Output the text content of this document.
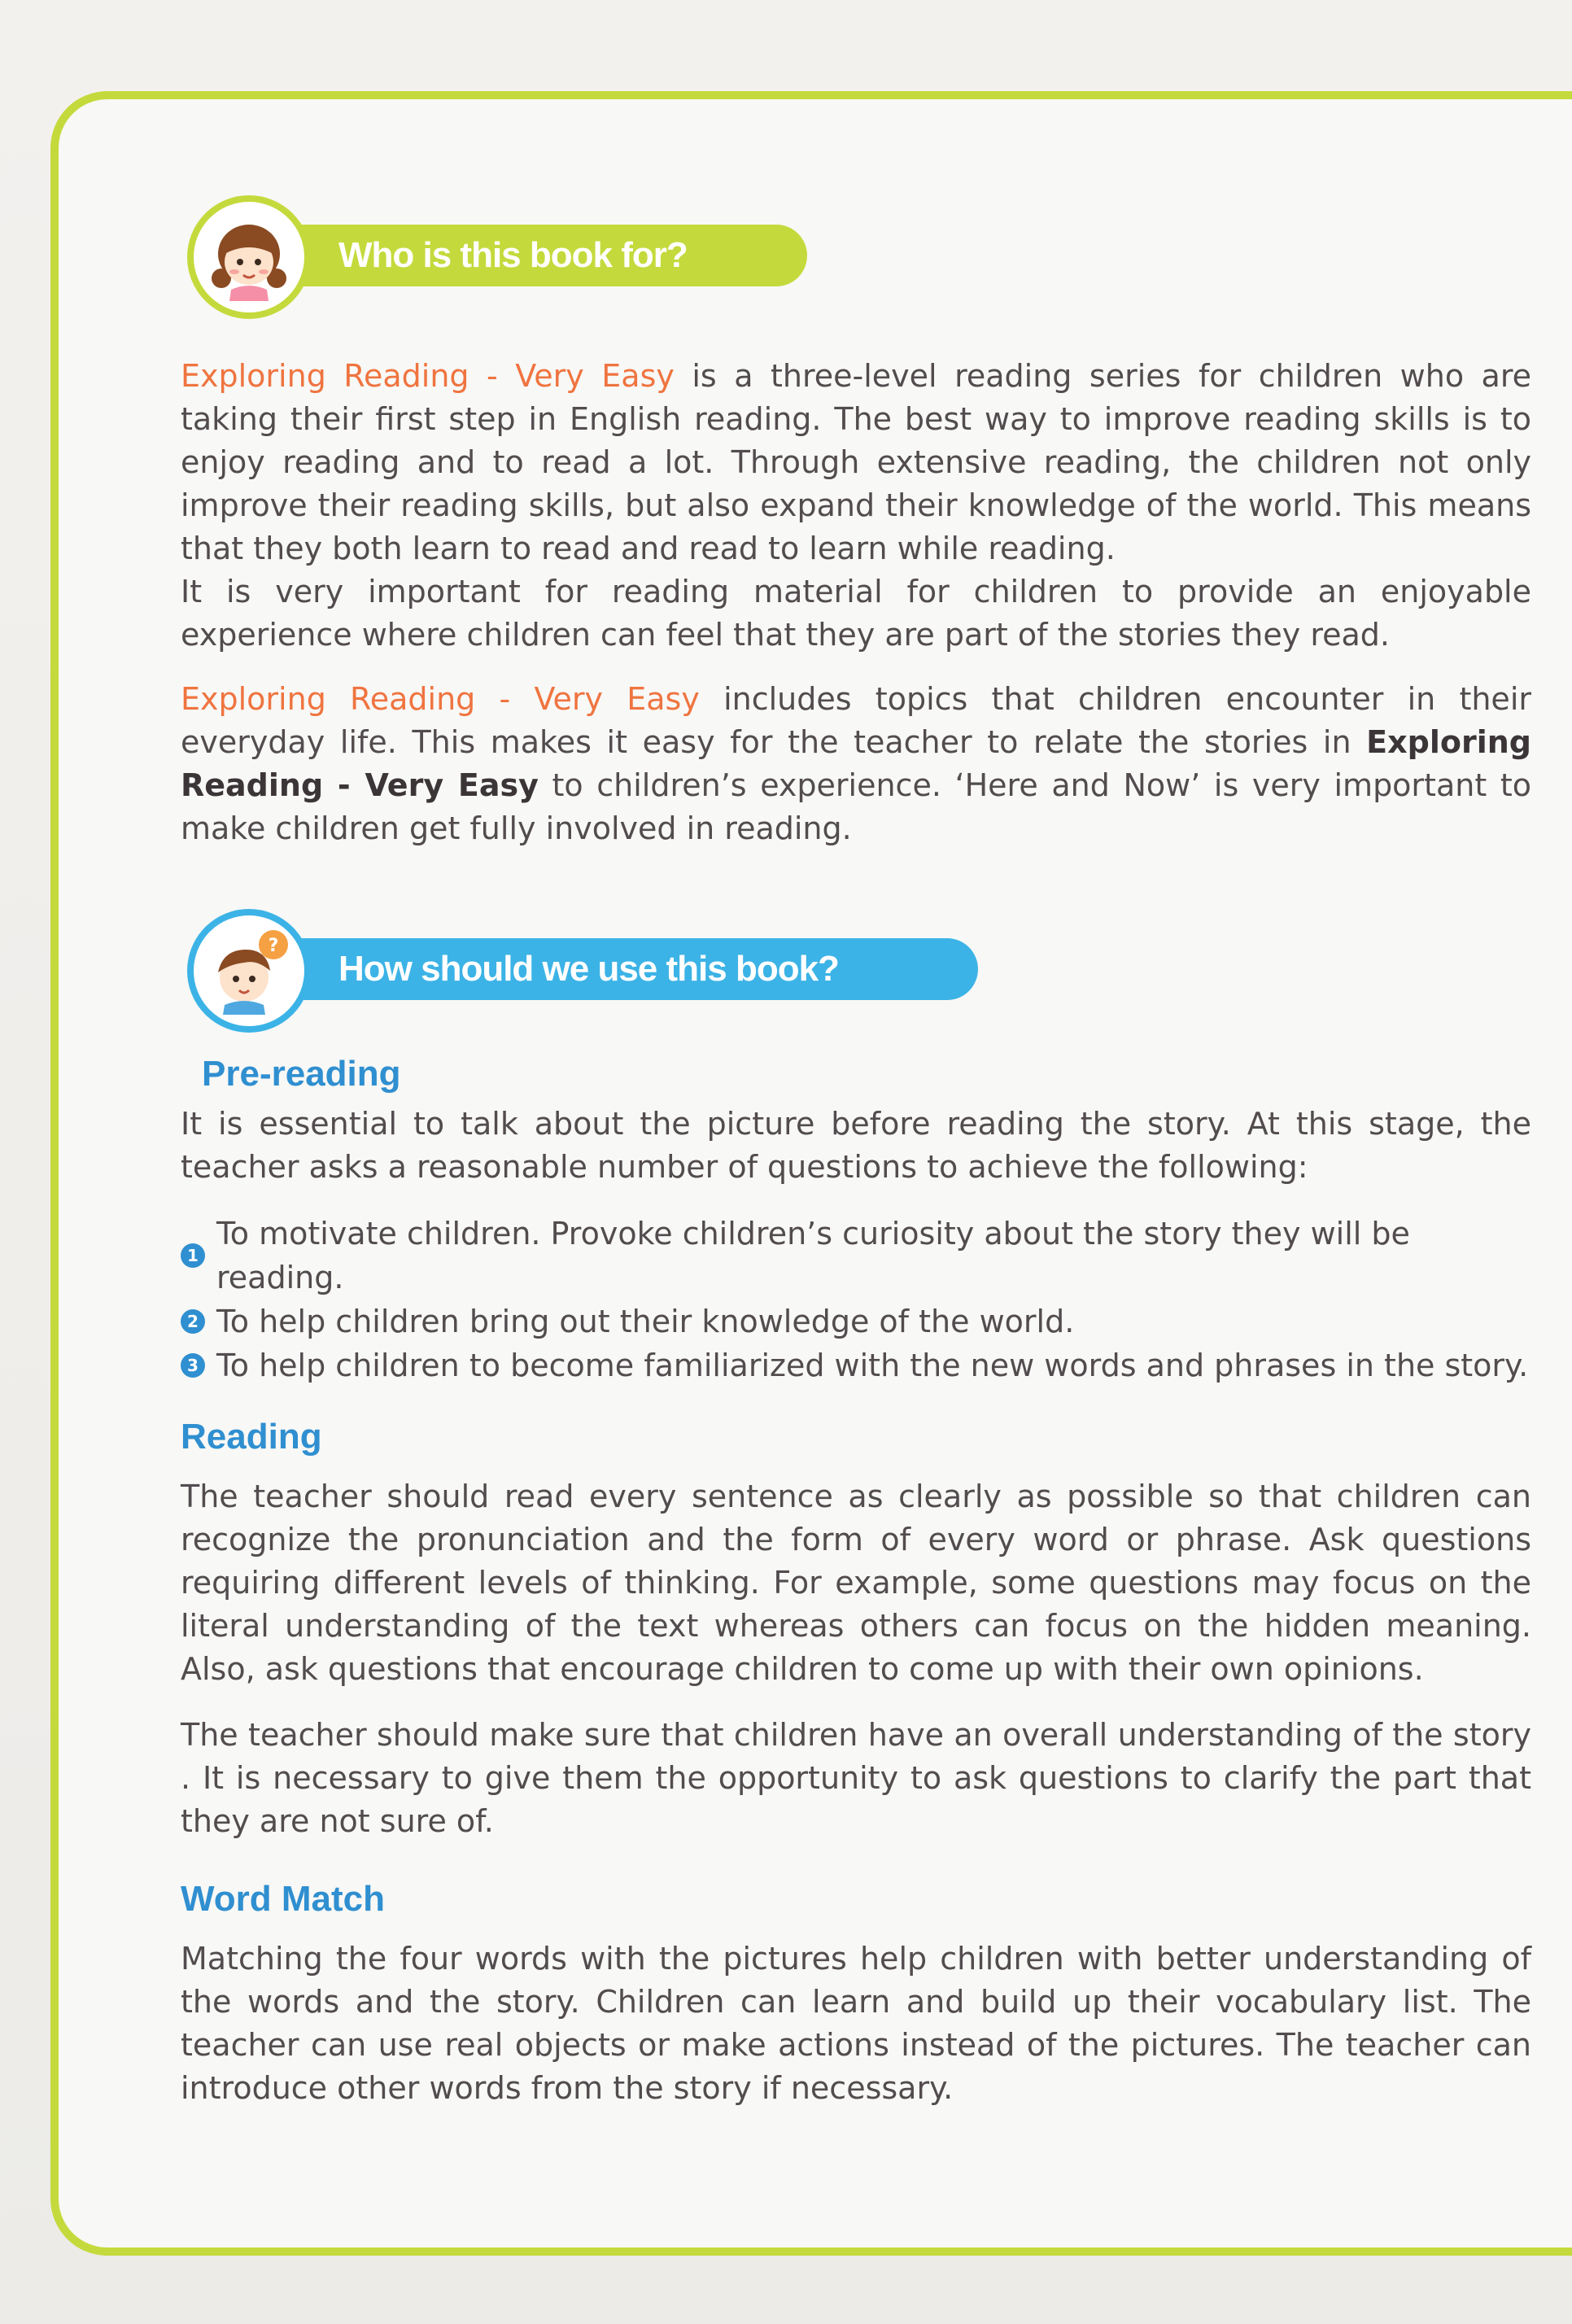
Who is this book for?

Exploring Reading - Very Easy is a three-level reading series for children who are taking their first step in English reading. The best way to improve reading skills is to enjoy reading and to read a lot. Through extensive reading, the children not only improve their reading skills, but also expand their knowledge of the world. This means that they both learn to read and read to learn while reading.

It is very important for reading material for children to provide an enjoyable experience where children can feel that they are part of the stories they read.

Exploring Reading - Very Easy includes topics that children encounter in their everyday life. This makes it easy for the teacher to relate the stories in Exploring Reading - Very Easy to children’s experience. ‘Here and Now’ is very important to make children get fully involved in reading.

?
How should we use this book?
Pre-reading

It is essential to talk about the picture before reading the story. At this stage, the teacher asks a reasonable number of questions to achieve the following:

1
To motivate children. Provoke children’s curiosity about the story they will be reading.
2 To help children bring out their knowledge of the world.
3 To help children to become familiarized with the new words and phrases in the story.
Reading

The teacher should read every sentence as clearly as possible so that children can recognize the pronunciation and the form of every word or phrase. Ask questions requiring different levels of thinking. For example, some questions may focus on the literal understanding of the text whereas others can focus on the hidden meaning. Also, ask questions that encourage children to come up with their own opinions.

The teacher should make sure that children have an overall understanding of the story . It is necessary to give them the opportunity to ask questions to clarify the part that they are not sure of.

Word Match

Matching the four words with the pictures help children with better understanding of the words and the story. Children can learn and build up their vocabulary list. The teacher can use real objects or make actions instead of the pictures. The teacher can introduce other words from the story if necessary.
